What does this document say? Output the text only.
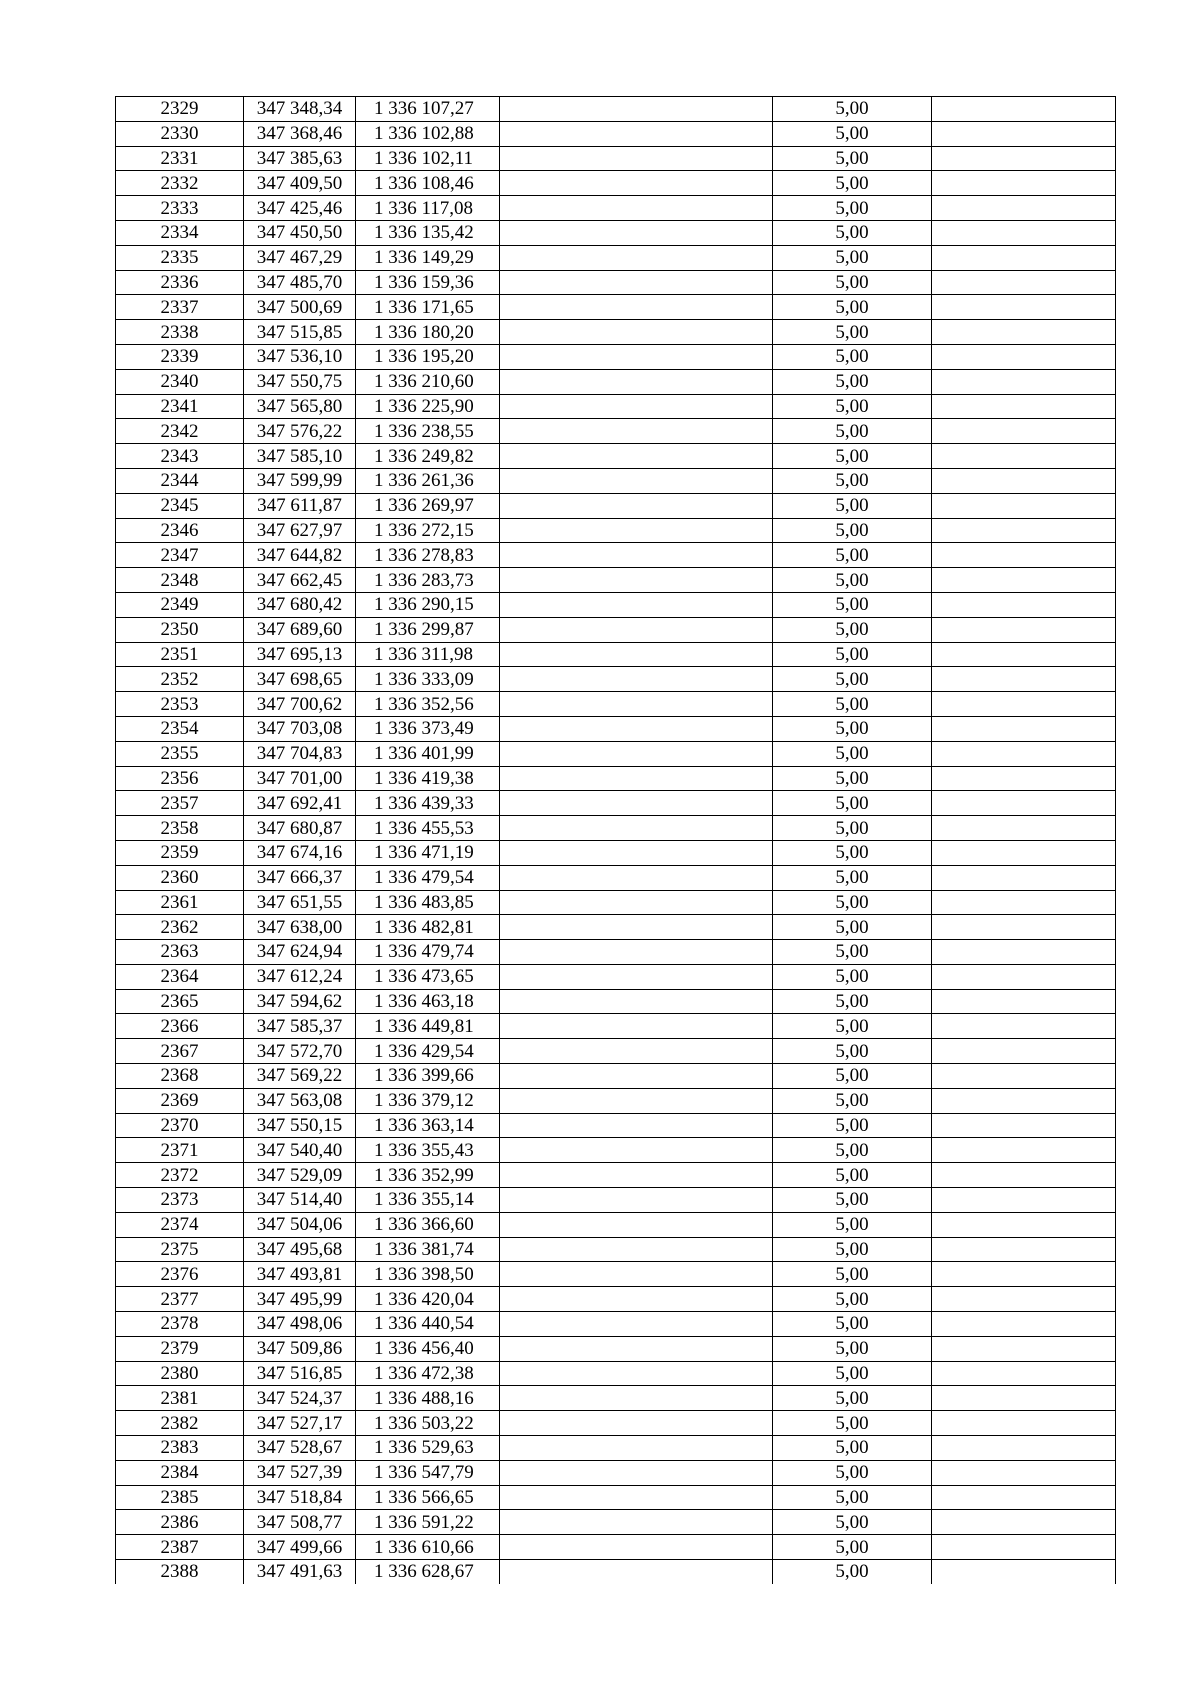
2329	347 348,34	1 336 107,27		5,00	
2330	347 368,46	1 336 102,88		5,00	
2331	347 385,63	1 336 102,11		5,00	
2332	347 409,50	1 336 108,46		5,00	
2333	347 425,46	1 336 117,08		5,00	
2334	347 450,50	1 336 135,42		5,00	
2335	347 467,29	1 336 149,29		5,00	
2336	347 485,70	1 336 159,36		5,00	
2337	347 500,69	1 336 171,65		5,00	
2338	347 515,85	1 336 180,20		5,00	
2339	347 536,10	1 336 195,20		5,00	
2340	347 550,75	1 336 210,60		5,00	
2341	347 565,80	1 336 225,90		5,00	
2342	347 576,22	1 336 238,55		5,00	
2343	347 585,10	1 336 249,82		5,00	
2344	347 599,99	1 336 261,36		5,00	
2345	347 611,87	1 336 269,97		5,00	
2346	347 627,97	1 336 272,15		5,00	
2347	347 644,82	1 336 278,83		5,00	
2348	347 662,45	1 336 283,73		5,00	
2349	347 680,42	1 336 290,15		5,00	
2350	347 689,60	1 336 299,87		5,00	
2351	347 695,13	1 336 311,98		5,00	
2352	347 698,65	1 336 333,09		5,00	
2353	347 700,62	1 336 352,56		5,00	
2354	347 703,08	1 336 373,49		5,00	
2355	347 704,83	1 336 401,99		5,00	
2356	347 701,00	1 336 419,38		5,00	
2357	347 692,41	1 336 439,33		5,00	
2358	347 680,87	1 336 455,53		5,00	
2359	347 674,16	1 336 471,19		5,00	
2360	347 666,37	1 336 479,54		5,00	
2361	347 651,55	1 336 483,85		5,00	
2362	347 638,00	1 336 482,81		5,00	
2363	347 624,94	1 336 479,74		5,00	
2364	347 612,24	1 336 473,65		5,00	
2365	347 594,62	1 336 463,18		5,00	
2366	347 585,37	1 336 449,81		5,00	
2367	347 572,70	1 336 429,54		5,00	
2368	347 569,22	1 336 399,66		5,00	
2369	347 563,08	1 336 379,12		5,00	
2370	347 550,15	1 336 363,14		5,00	
2371	347 540,40	1 336 355,43		5,00	
2372	347 529,09	1 336 352,99		5,00	
2373	347 514,40	1 336 355,14		5,00	
2374	347 504,06	1 336 366,60		5,00	
2375	347 495,68	1 336 381,74		5,00	
2376	347 493,81	1 336 398,50		5,00	
2377	347 495,99	1 336 420,04		5,00	
2378	347 498,06	1 336 440,54		5,00	
2379	347 509,86	1 336 456,40		5,00	
2380	347 516,85	1 336 472,38		5,00	
2381	347 524,37	1 336 488,16		5,00	
2382	347 527,17	1 336 503,22		5,00	
2383	347 528,67	1 336 529,63		5,00	
2384	347 527,39	1 336 547,79		5,00	
2385	347 518,84	1 336 566,65		5,00	
2386	347 508,77	1 336 591,22		5,00	
2387	347 499,66	1 336 610,66		5,00	
2388	347 491,63	1 336 628,67		5,00	
